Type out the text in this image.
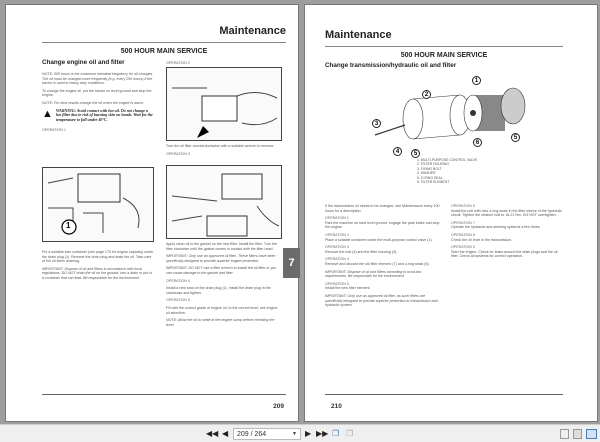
Maintenance
500 HOUR MAIN SERVICE
Change engine oil and filter

NOTE: 500 hours is the maximum tolerated frequency for oil changes. The oil must be changed more frequently (e.g. every 250 hours) if the tractor is used in heavy duty conditions.

To change the engine oil, put the tractor on level ground and stop the engine.

NOTE: For best results change the oil when the engine is warm.

▲ WARNING: Avoid contact with hot oil. Do not change a hot filter due to risk of burning skin on hands. Wait for the temperature to fall under 40°C.

OPERATION 1

1

Put a suitable size container (see page 170 for engine capacity) under the drain plug (1). Remove the drain plug and drain the oil. Take care of hot oil when draining.

IMPORTANT: Dispose of oil and filters in accordance with local regulations. DO NOT drain the oil on the ground, into a drain or put in a container that can leak. Be responsible for the environment.

OPERATION 2

Turn the oil filter counterclockwise with a suitable wrench to remove.

OPERATION 3

Apply clean oil to the gasket on the new filter. Install the filter. Turn the filter clockwise until the gasket comes in contact with the filter head.

IMPORTANT: Only use an approved oil filter. These filters have been specifically designed to provide superior engine protection.

IMPORTANT: DO NOT use a filter wrench to install the oil filter or you can cause damage to the gasket and filter.

OPERATION 4

Install a new seal on the drain plug (1). Install the drain plug in the crankcase and tighten.

OPERATION 5

Fill with the correct grade of engine oil, to the correct level, see engine oil selection.

NOTE: Allow the oil to settle in the engine sump before checking the level.

209
7
Maintenance
500 HOUR MAIN SERVICE
Change transmission/hydraulic oil and filter
1
2
3
4	5
6
5
1. MULTI-PURPOSE CONTROL VALVE
2. FILTER HOUSING
3. FIXING BOLT
4. WASHER
5. O-RING SEAL
6. FILTER ELEMENT

If the transmission oil needs to be changed, see Maintenance every 100 hours for a description.

OPERATION 1

Park the machine on hard level ground, engage the park brake and stop the engine.

OPERATION 2

Place a suitable container under the multi-purpose control valve (1).

OPERATION 3

Remove the bolt (4) and the filter housing (3).

OPERATION 4

Remove and discard the old filter element (7) and o-ring seals (6).

IMPORTANT: Dispose of oil and filters according to local law requirements. Be responsible for the environment.

OPERATION 5

Install the new filter element.

IMPORTANT: Only use an approved oil filter, as such filters are specifically designed to provide superior protection to transmission and hydraulic system.

OPERATION 6

Install the unit with new o-ring seals in the filter sleeve of the hydraulic circuit. Tighten the retainer bolt to 18-21 Nm. DO NOT overtighten.

OPERATION 7

Operate the hydraulic and steering systems a few times.

OPERATION 8

Check the oil level in the transmission.

OPERATION 9

Start the engine. Check for leaks around the drain plugs and the oil filter. Check all systems for correct operation.

210
◀◀ ◀	209 / 264	▼ ▶ ▶▶ ❐ ❐
